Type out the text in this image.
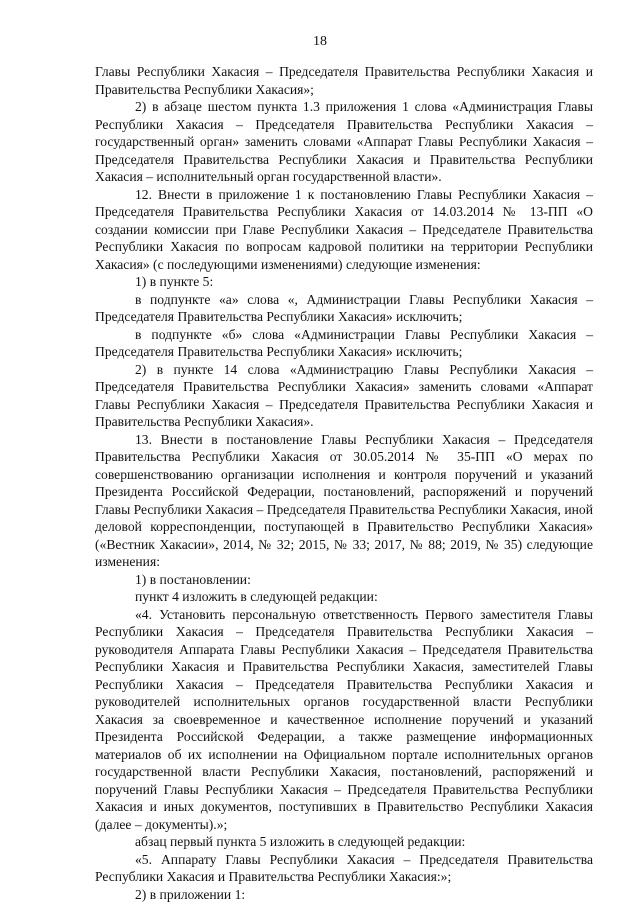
18

Главы Республики Хакасия – Председателя Правительства Республики Хакасия и Правительства Республики Хакасия»;

2) в абзаце шестом пункта 1.3 приложения 1 слова «Администрация Главы Республики Хакасия – Председателя Правительства Республики Хакасия – государственный орган» заменить словами «Аппарат Главы Республики Хакасия – Председателя Правительства Республики Хакасия и Правительства Республики Хакасия – исполнительный орган государственной власти».

12. Внести в приложение 1 к постановлению Главы Республики Хакасия – Председателя Правительства Республики Хакасия от 14.03.2014 № 13-ПП «О создании комиссии при Главе Республики Хакасия – Председателе Правительства Республики Хакасия по вопросам кадровой политики на территории Республики Хакасия» (с последующими изменениями) следующие изменения:

1) в пункте 5:

в подпункте «а» слова «, Администрации Главы Республики Хакасия – Председателя Правительства Республики Хакасия» исключить;

в подпункте «б» слова «Администрации Главы Республики Хакасия – Председателя Правительства Республики Хакасия» исключить;

2) в пункте 14 слова «Администрацию Главы Республики Хакасия – Председателя Правительства Республики Хакасия» заменить словами «Аппарат Главы Республики Хакасия – Председателя Правительства Республики Хакасия и Правительства Республики Хакасия».

13. Внести в постановление Главы Республики Хакасия – Председателя Правительства Республики Хакасия от 30.05.2014 № 35-ПП «О мерах по совершенствованию организации исполнения и контроля поручений и указаний Президента Российской Федерации, постановлений, распоряжений и поручений Главы Республики Хакасия – Председателя Правительства Республики Хакасия, иной деловой корреспонденции, поступающей в Правительство Республики Хакасия» («Вестник Хакасии», 2014, № 32; 2015, № 33; 2017, № 88; 2019, № 35) следующие изменения:

1) в постановлении:

пункт 4 изложить в следующей редакции:

«4. Установить персональную ответственность Первого заместителя Главы Республики Хакасия – Председателя Правительства Республики Хакасия – руководителя Аппарата Главы Республики Хакасия – Председателя Правительства Республики Хакасия и Правительства Республики Хакасия, заместителей Главы Республики Хакасия – Председателя Правительства Республики Хакасия и руководителей исполнительных органов государственной власти Республики Хакасия за своевременное и качественное исполнение поручений и указаний Президента Российской Федерации, а также размещение информационных материалов об их исполнении на Официальном портале исполнительных органов государственной власти Республики Хакасия, постановлений, распоряжений и поручений Главы Республики Хакасия – Председателя Правительства Республики Хакасия и иных документов, поступивших в Правительство Республики Хакасия (далее – документы).»;

абзац первый пункта 5 изложить в следующей редакции:

«5. Аппарату Главы Республики Хакасия – Председателя Правительства Республики Хакасия и Правительства Республики Хакасия:»;

2) в приложении 1:
